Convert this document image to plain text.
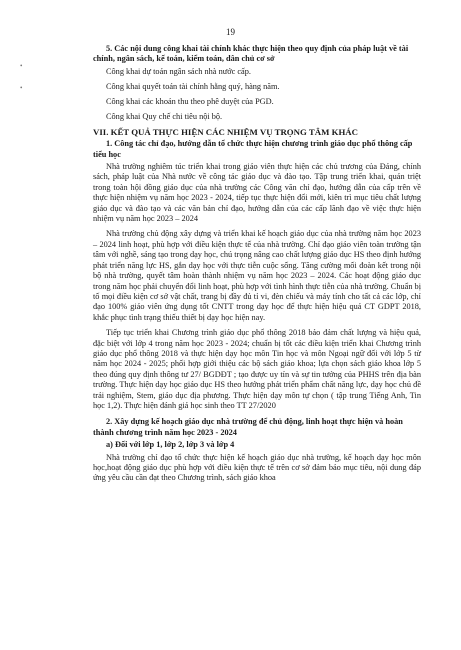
19
•
•

5. Các nội dung công khai tài chính khác thực hiện theo quy định của pháp luật về tài chính, ngân sách, kế toán, kiểm toán, dân chủ cơ sở

Công khai dự toán ngân sách nhà nước cấp.

Công khai quyết toán tài chính hằng quý, hàng năm.

Công khai các khoản thu theo phê duyệt của PGD.

Công khai Quy chế chi tiêu nội bộ.

VII. KẾT QUẢ THỰC HIỆN CÁC NHIỆM VỤ TRỌNG TÂM KHÁC

1. Công tác chỉ đạo, hướng dẫn tổ chức thực hiện chương trình giáo dục phổ thông cấp tiểu học

Nhà trường nghiêm túc triển khai trong giáo viên thực hiện các chủ trương của Đảng, chính sách, pháp luật của Nhà nước về công tác giáo dục và đào tạo. Tập trung triển khai, quán triệt trong toàn hội đồng giáo dục của nhà trường các Công văn chỉ đạo, hướng dẫn của cấp trên về thực hiện nhiệm vụ năm học 2023 - 2024, tiếp tục thực hiện đổi mới, kiên trì mục tiêu chất lượng giáo dục và đào tạo và các văn bản chỉ đạo, hướng dẫn của các cấp lãnh đạo về việc thực hiện nhiệm vụ năm học 2023 – 2024

Nhà trường chủ động xây dựng và triển khai kế hoạch giáo dục của nhà trường năm học 2023 – 2024 linh hoạt, phù hợp với điều kiện thực tế của nhà trường. Chỉ đạo giáo viên toàn trường tận tâm với nghề, sáng tạo trong dạy học, chú trọng nâng cao chất lượng giáo dục HS theo định hướng phát triển năng lực HS, gắn dạy học với thực tiễn cuộc sống. Tăng cường mối đoàn kết trong nội bộ nhà trường, quyết tâm hoàn thành nhiệm vụ năm học 2023 – 2024. Các hoạt động giáo dục trong năm học phải chuyển đổi linh hoạt, phù hợp với tình hình thực tiễn của nhà trường. Chuẩn bị tố mọi điều kiện cơ sở vật chất, trang bị đầy đủ tỉ vi, đèn chiếu và máy tính cho tất cả các lớp, chỉ đạo 100% giáo viên ứng dụng tốt CNTT trong dạy học để thực hiện hiệu quả CT GDPT 2018, khắc phục tình trạng thiếu thiết bị dạy học hiện nay.

Tiếp tục triển khai Chương trình giáo dục phổ thông 2018 bảo đảm chất lượng và hiệu quả, đặc biệt với lớp 4 trong năm học 2023 - 2024; chuẩn bị tốt các điều kiện triển khai Chương trình giáo dục phổ thông 2018 và thực hiện dạy học môn Tin học và môn Ngoại ngữ đối với lớp 5 từ năm học 2024 - 2025; phối hợp giới thiệu các bộ sách giáo khoa; lựa chọn sách giáo khoa lớp 5 theo đúng quy định thông tư 27/ BGDĐT ; tạo được uy tín và sự tin tưởng của PHHS trên địa bàn trường. Thực hiện dạy học giáo dục HS theo hướng phát triển phẩm chất năng lực, dạy học chủ đề trải nghiệm, Stem, giáo dục địa phương. Thực hiện dạy môn tự chọn ( tập trung Tiếng Anh, Tin học 1,2). Thực hiện đánh giá học sinh theo TT 27/2020

2. Xây dựng kế hoạch giáo dục nhà trường để chủ động, linh hoạt thực hiện và hoàn thành chương trình năm học 2023 - 2024

a) Đối với lớp 1, lớp 2, lớp 3 và lớp 4

Nhà trường chỉ đạo tổ chức thực hiện kế hoạch giáo dục nhà trường, kế hoạch dạy học môn học,hoạt động giáo dục phù hợp với điều kiện thực tế trên cơ sở đảm bảo mục tiêu, nội dung đáp ứng yêu cầu cần đạt theo Chương trình, sách giáo khoa
